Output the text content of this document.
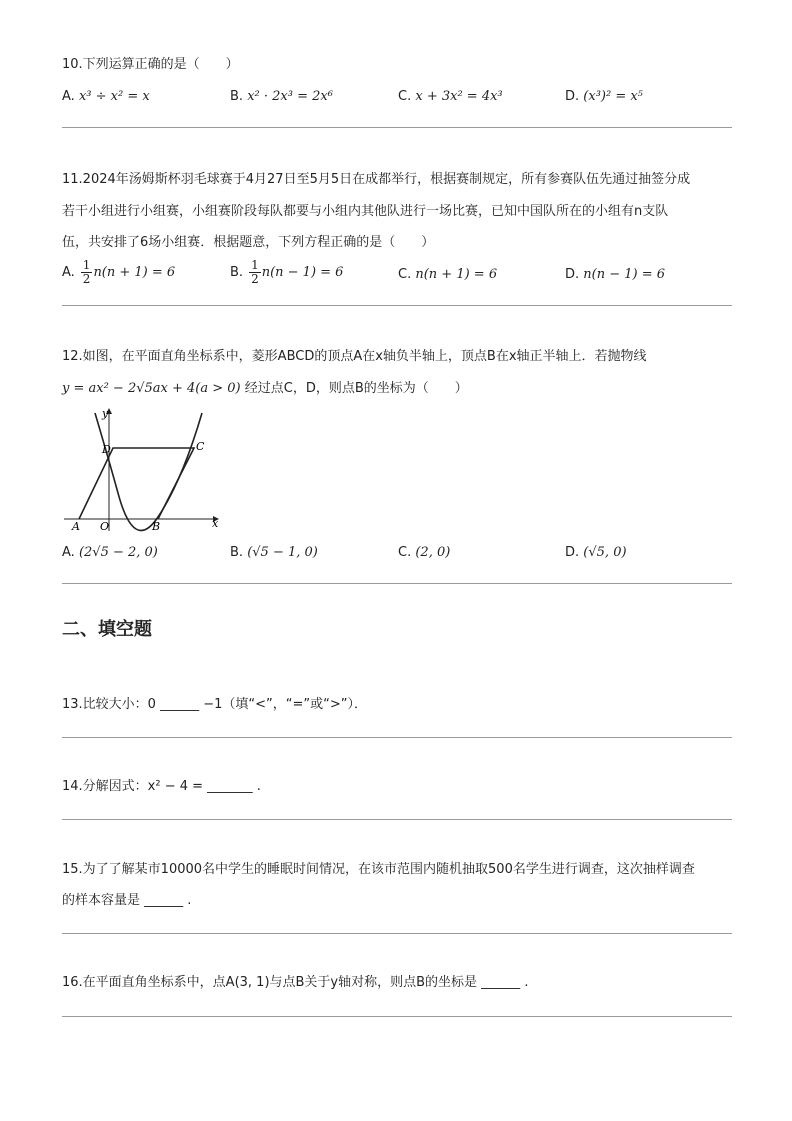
10.下列运算正确的是（　　）
A. x³ ÷ x² = x	B. x² · 2x³ = 2x⁶	C. x + 3x² = 4x³	D. (x³)² = x⁵
11.2024年汤姆斯杯羽毛球赛于4月27日至5月5日在成都举行，根据赛制规定，所有参赛队伍先通过抽签分成
若干小组进行小组赛，小组赛阶段每队都要与小组内其他队进行一场比赛，已知中国队所在的小组有n支队
伍，共安排了6场小组赛．根据题意，下列方程正确的是（　　）
A. $\frac{1}{2} n(n + 1) = 6$	B. $\frac{1}{2} n(n - 1) = 6$	C. n(n + 1) = 6	D. n(n − 1) = 6
12.如图，在平面直角坐标系中，菱形ABCD的顶点A在x轴负半轴上，顶点B在x轴正半轴上．若抛物线
y = ax² − 2√5ax + 4(a > 0) 经过点C，D，则点B的坐标为（　　）
y
x
D	C
A O	B
A. (2√5 − 2, 0)	B. (√5 − 1, 0)	C. (2, 0)	D. (√5, 0)
二、填空题
13.比较大小：0 ______ −1（填“<”，“=”或“>”）．
14.分解因式：x² − 4 = _______ .
15.为了了解某市10000名中学生的睡眠时间情况，在该市范围内随机抽取500名学生进行调查，这次抽样调查
的样本容量是 ______ .
16.在平面直角坐标系中，点A(3, 1)与点B关于y轴对称，则点B的坐标是 ______ .
